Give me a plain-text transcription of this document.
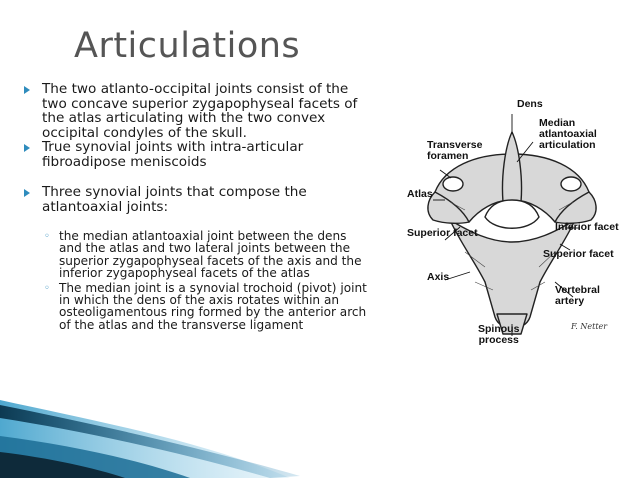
Articulations

The two atlanto-occipital joints consist of the two concave superior zygapophyseal facets of the atlas articulating with the two convex occipital condyles of the skull.

True synovial joints with intra-articular fibroadipose meniscoids

Three synovial joints that compose the atlantoaxial joints:

◦ the median atlantoaxial joint between the dens and the atlas and two lateral joints between the superior zygapophyseal facets of the axis and the inferior zygapophyseal facets of the atlas

◦ The median joint is a synovial trochoid (pivot) joint in which the dens of the axis rotates within an osteoligamentous ring formed by the anterior arch of the atlas and the transverse ligament

Dens
Median
atlantoaxial
articulation
Transverse
foramen
Atlas
Superior facet	Inferior facet
Superior facet
Axis
Vertebral
artery
Spinous
process
F. Netter
